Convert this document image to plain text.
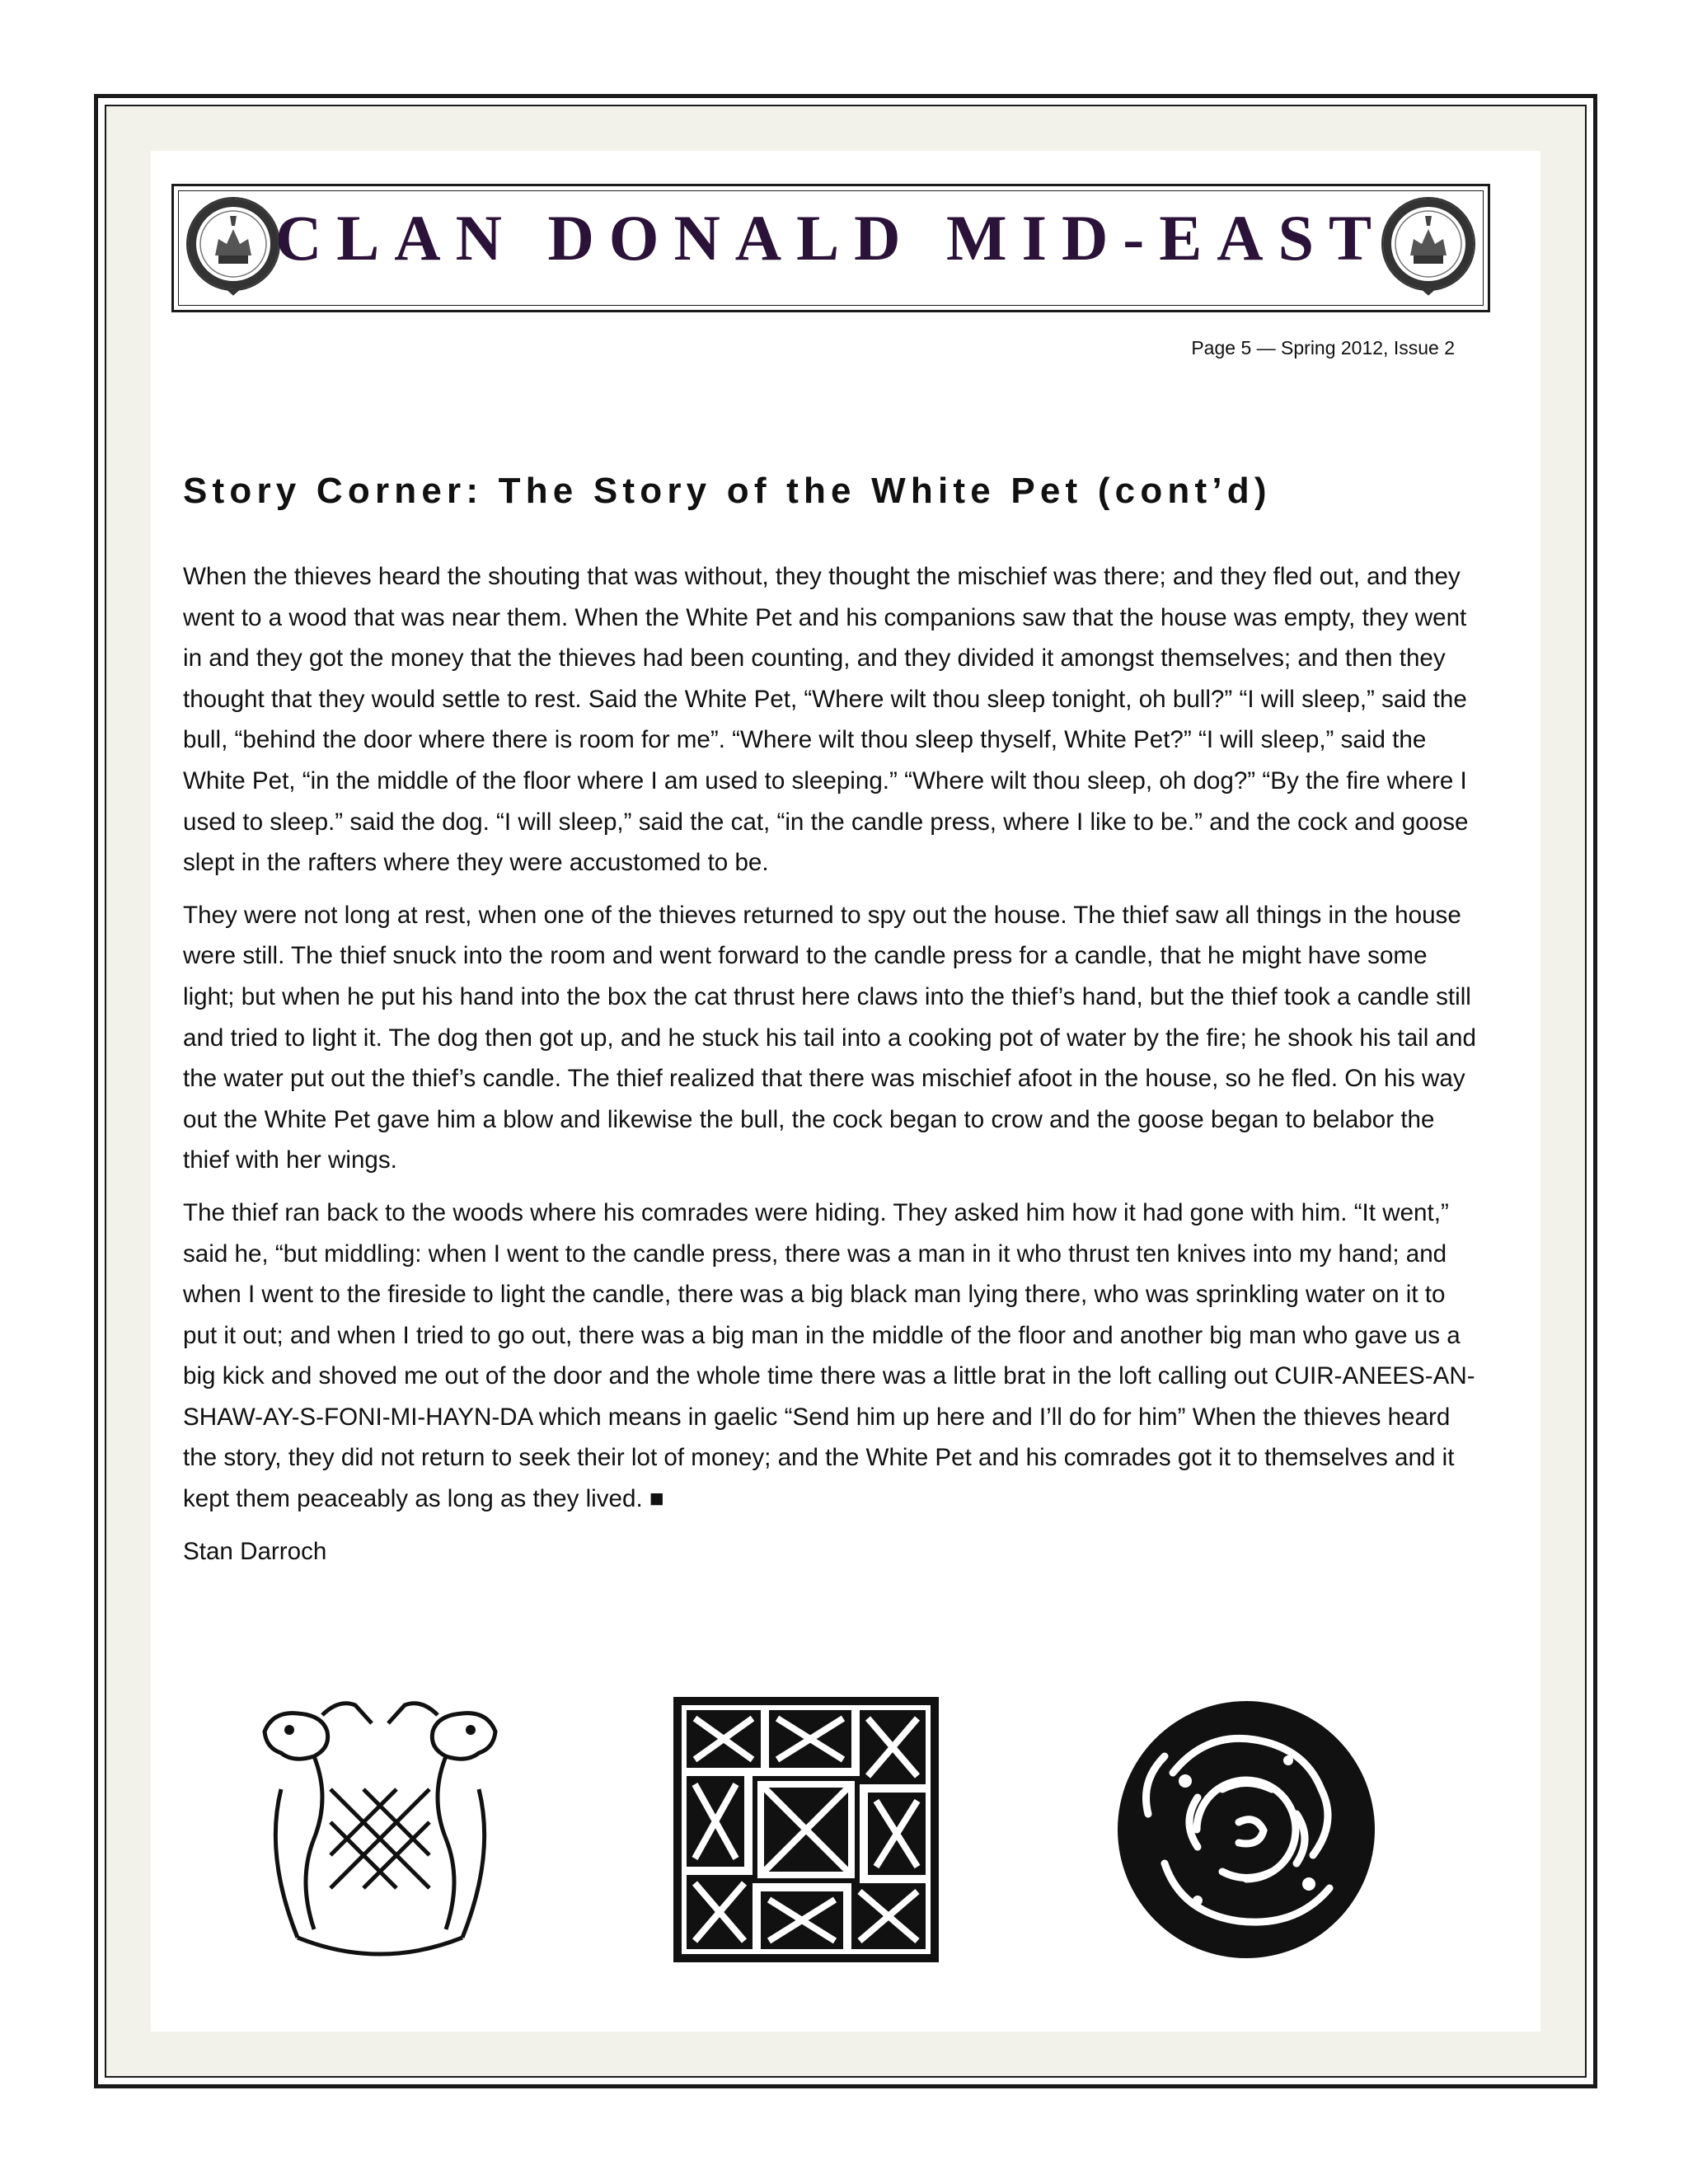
CLAN DONALD MID-EAST
Page 5 — Spring 2012, Issue 2
Story Corner: The Story of the White Pet (cont’d)

When the thieves heard the shouting that was without, they thought the mischief was there; and they fled out, and they went to a wood that was near them. When the White Pet and his companions saw that the house was empty, they went in and they got the money that the thieves had been counting, and they divided it amongst themselves; and then they thought that they would settle to rest. Said the White Pet, “Where wilt thou sleep tonight, oh bull?” “I will sleep,” said the bull, “behind the door where there is room for me”. “Where wilt thou sleep thyself, White Pet?” “I will sleep,” said the White Pet, “in the middle of the floor where I am used to sleeping.” “Where wilt thou sleep, oh dog?” “By the fire where I used to sleep.” said the dog. “I will sleep,” said the cat, “in the candle press, where I like to be.” and the cock and goose slept in the rafters where they were accustomed to be.

They were not long at rest, when one of the thieves returned to spy out the house. The thief saw all things in the house were still. The thief snuck into the room and went forward to the candle press for a candle, that he might have some light; but when he put his hand into the box the cat thrust here claws into the thief’s hand, but the thief took a candle still and tried to light it. The dog then got up, and he stuck his tail into a cooking pot of water by the fire; he shook his tail and the water put out the thief’s candle. The thief realized that there was mischief afoot in the house, so he fled. On his way out the White Pet gave him a blow and likewise the bull, the cock began to crow and the goose began to belabor the thief with her wings.

The thief ran back to the woods where his comrades were hiding. They asked him how it had gone with him. “It went,” said he, “but middling: when I went to the candle press, there was a man in it who thrust ten knives into my hand; and when I went to the fireside to light the candle, there was a big black man lying there, who was sprinkling water on it to put it out; and when I tried to go out, there was a big man in the middle of the floor and another big man who gave us a big kick and shoved me out of the door and the whole time there was a little brat in the loft calling out CUIR-ANEES-AN-SHAW-AY-S-FONI-MI-HAYN-DA which means in gaelic “Send him up here and I’ll do for him” When the thieves heard the story, they did not return to seek their lot of money; and the White Pet and his comrades got it to themselves and it kept them peaceably as long as they lived. ■

Stan Darroch
